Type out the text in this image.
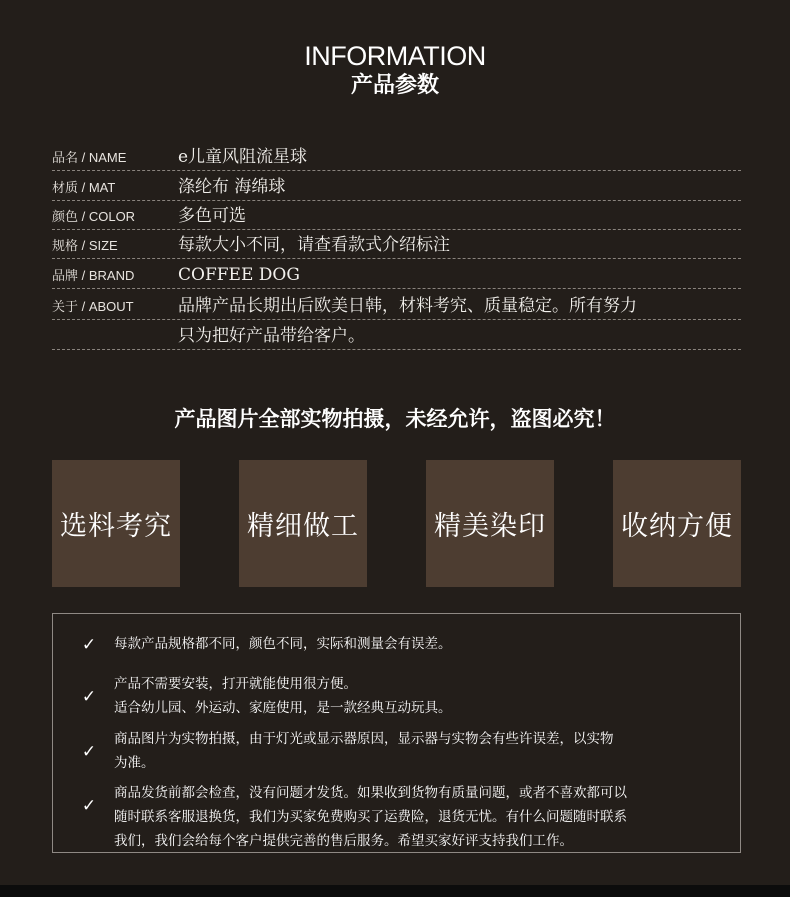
INFORMATION
产品参数
品名 / NAME	e儿童风阻流星球
材质 / MAT	涤纶布 海绵球
颜色 / COLOR	多色可选
规格 / SIZE	每款大小不同，请查看款式介绍标注
品牌 / BRAND	COFFEE DOG
关于 / ABOUT	品牌产品长期出后欧美日韩，材料考究、质量稳定。所有努力
只为把好产品带给客户。
产品图片全部实物拍摄，未经允许，盗图必究！
选料考究	精细做工	精美染印	收纳方便
✓ 每款产品规格都不同，颜色不同，实际和测量会有误差。
✓
产品不需要安装，打开就能使用很方便。
适合幼儿园、外运动、家庭使用，是一款经典互动玩具。
✓
商品图片为实物拍摄，由于灯光或显示器原因，显示器与实物会有些许误差，以实物
为准。
✓
商品发货前都会检查，没有问题才发货。如果收到货物有质量问题，或者不喜欢都可以
随时联系客服退换货，我们为买家免费购买了运费险，退货无忧。有什么问题随时联系
我们，我们会给每个客户提供完善的售后服务。希望买家好评支持我们工作。
